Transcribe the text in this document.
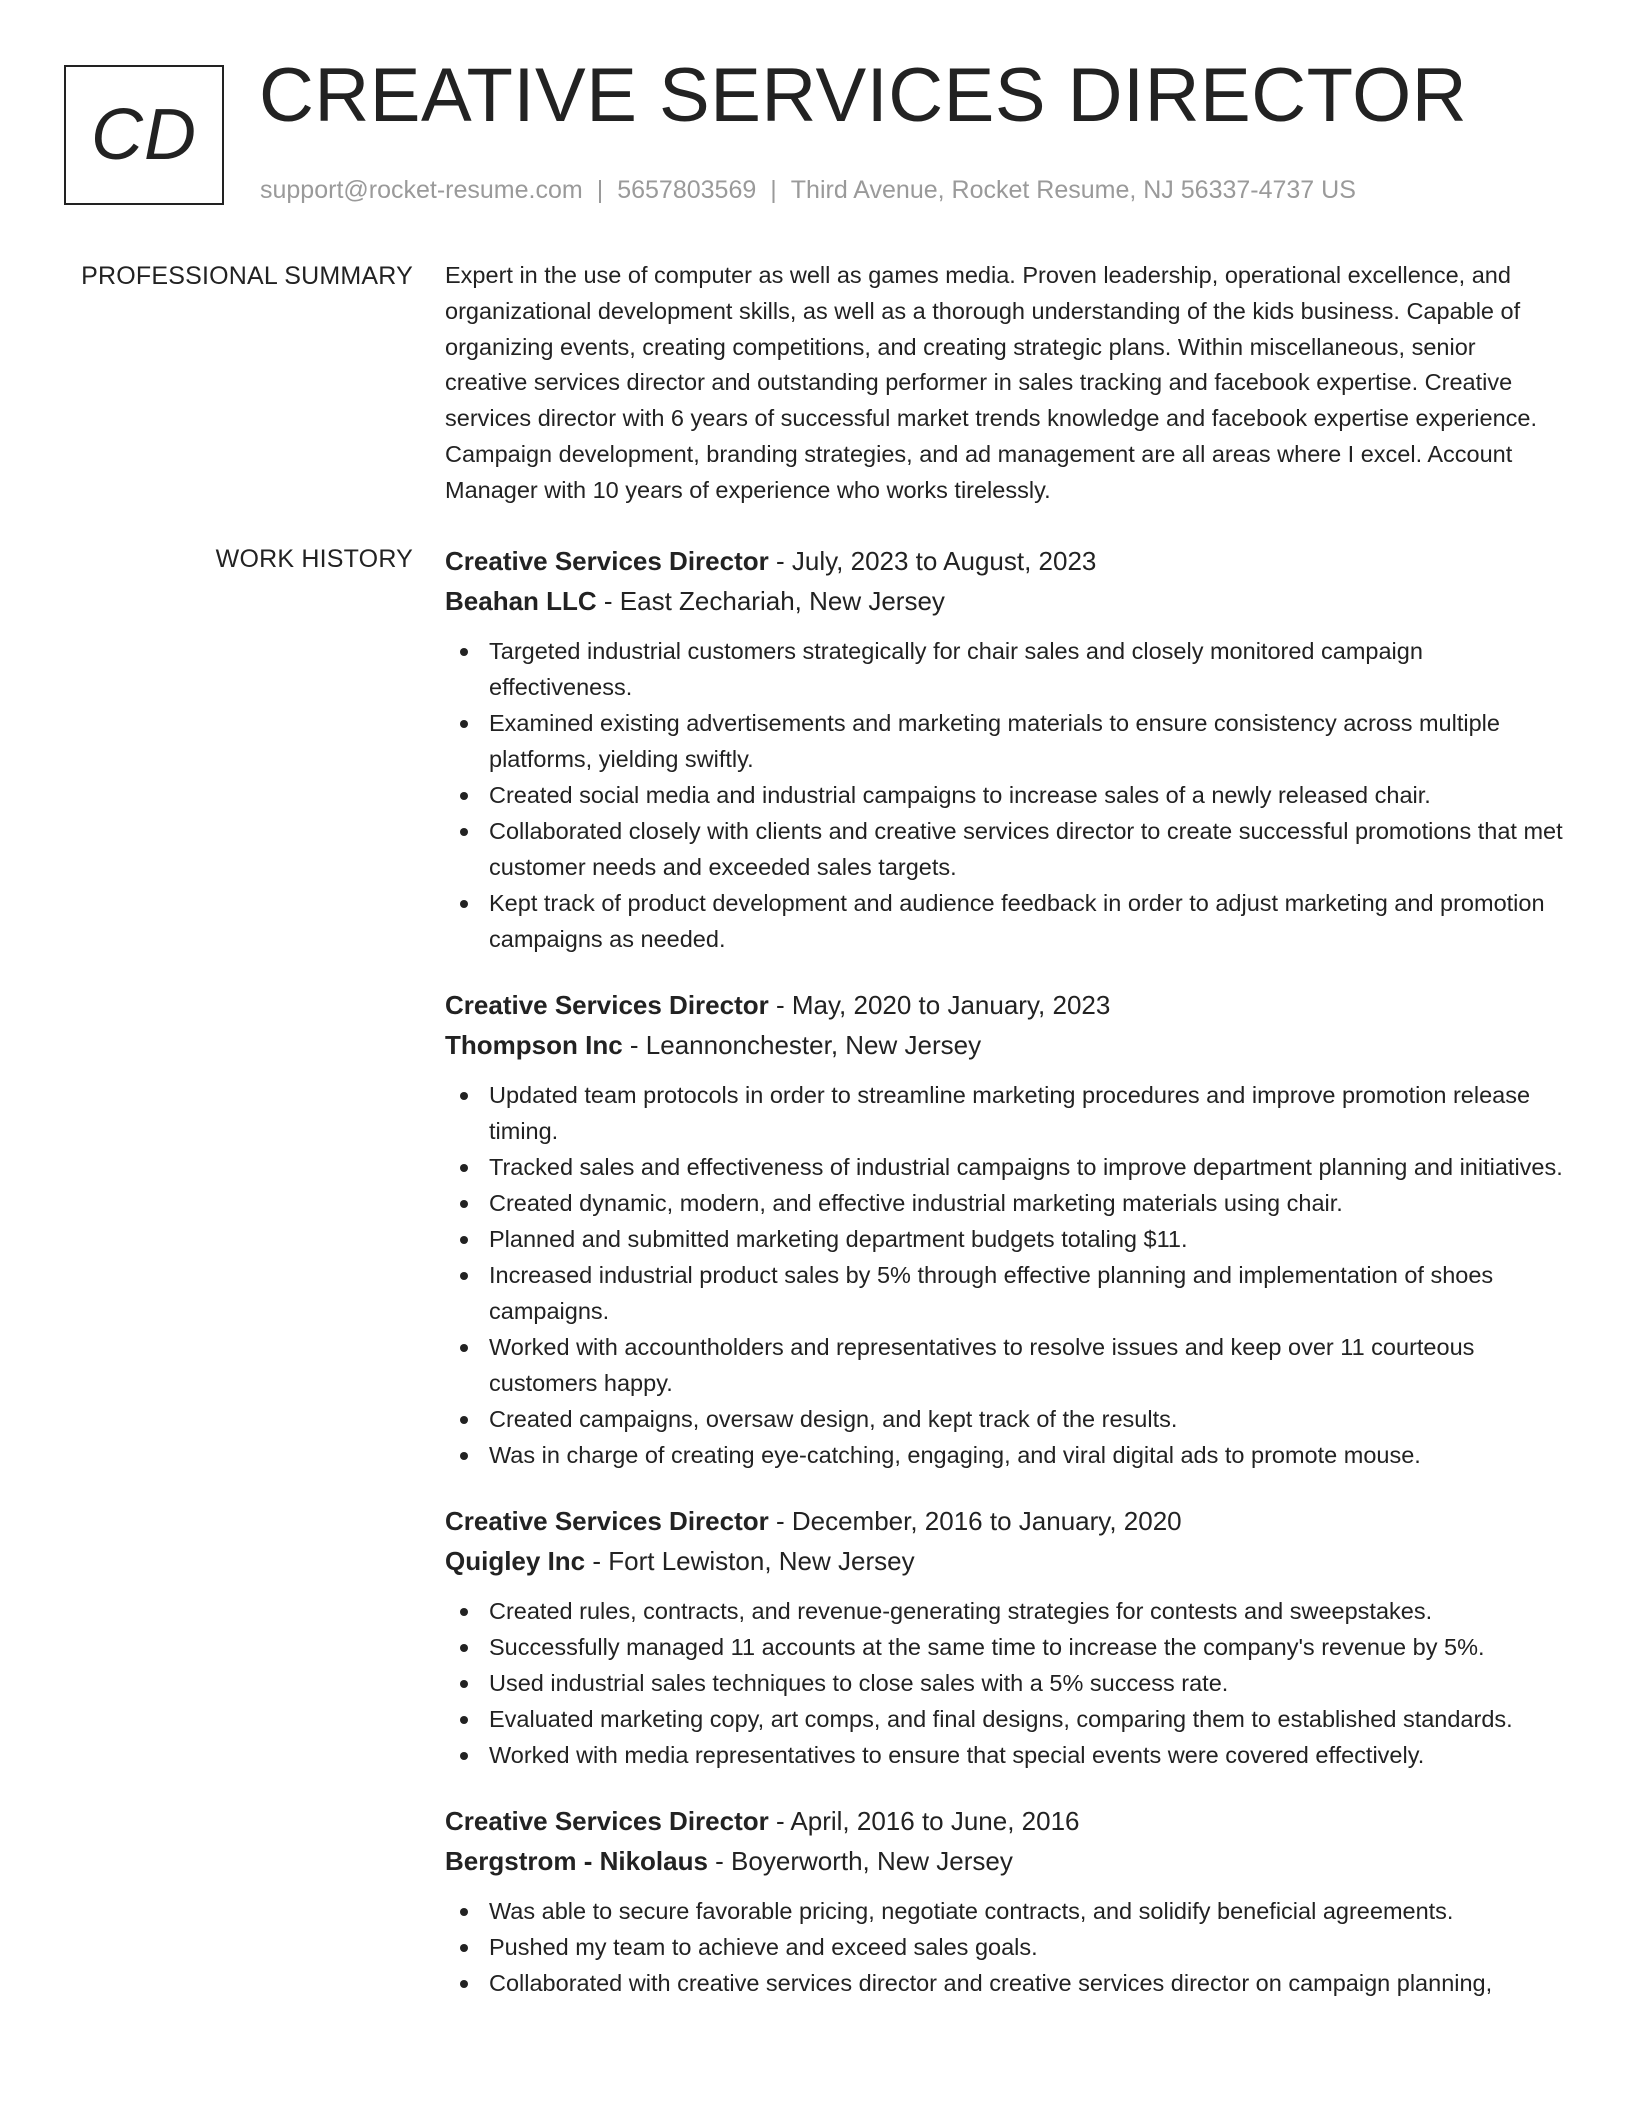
CD CREATIVE SERVICES DIRECTOR
support@rocket-resume.com | 5657803569 | Third Avenue, Rocket Resume, NJ 56337-4737 US
PROFESSIONAL SUMMARY Expert in the use of computer as well as games media. Proven leadership, operational excellence, and organizational development skills, as well as a thorough understanding of the kids business. Capable of organizing events, creating competitions, and creating strategic plans. Within miscellaneous, senior creative services director and outstanding performer in sales tracking and facebook expertise. Creative services director with 6 years of successful market trends knowledge and facebook expertise experience. Campaign development, branding strategies, and ad management are all areas where I excel. Account Manager with 10 years of experience who works tirelessly.

WORK HISTORY Creative Services Director - July, 2023 to August, 2023
Beahan LLC - East Zechariah, New Jersey
Targeted industrial customers strategically for chair sales and closely monitored campaign effectiveness.
Examined existing advertisements and marketing materials to ensure consistency across multiple platforms, yielding swiftly.
Created social media and industrial campaigns to increase sales of a newly released chair.
Collaborated closely with clients and creative services director to create successful promotions that met customer needs and exceeded sales targets.
Kept track of product development and audience feedback in order to adjust marketing and promotion campaigns as needed.
Creative Services Director - May, 2020 to January, 2023
Thompson Inc - Leannonchester, New Jersey
Updated team protocols in order to streamline marketing procedures and improve promotion release timing.
Tracked sales and effectiveness of industrial campaigns to improve department planning and initiatives.
Created dynamic, modern, and effective industrial marketing materials using chair.
Planned and submitted marketing department budgets totaling $11.
Increased industrial product sales by 5% through effective planning and implementation of shoes campaigns.
Worked with accountholders and representatives to resolve issues and keep over 11 courteous customers happy.
Created campaigns, oversaw design, and kept track of the results.
Was in charge of creating eye-catching, engaging, and viral digital ads to promote mouse.
Creative Services Director - December, 2016 to January, 2020
Quigley Inc - Fort Lewiston, New Jersey
Created rules, contracts, and revenue-generating strategies for contests and sweepstakes.
Successfully managed 11 accounts at the same time to increase the company's revenue by 5%.
Used industrial sales techniques to close sales with a 5% success rate.
Evaluated marketing copy, art comps, and final designs, comparing them to established standards.
Worked with media representatives to ensure that special events were covered effectively.
Creative Services Director - April, 2016 to June, 2016
Bergstrom - Nikolaus - Boyerworth, New Jersey
Was able to secure favorable pricing, negotiate contracts, and solidify beneficial agreements.
Pushed my team to achieve and exceed sales goals.
Collaborated with creative services director and creative services director on campaign planning,
